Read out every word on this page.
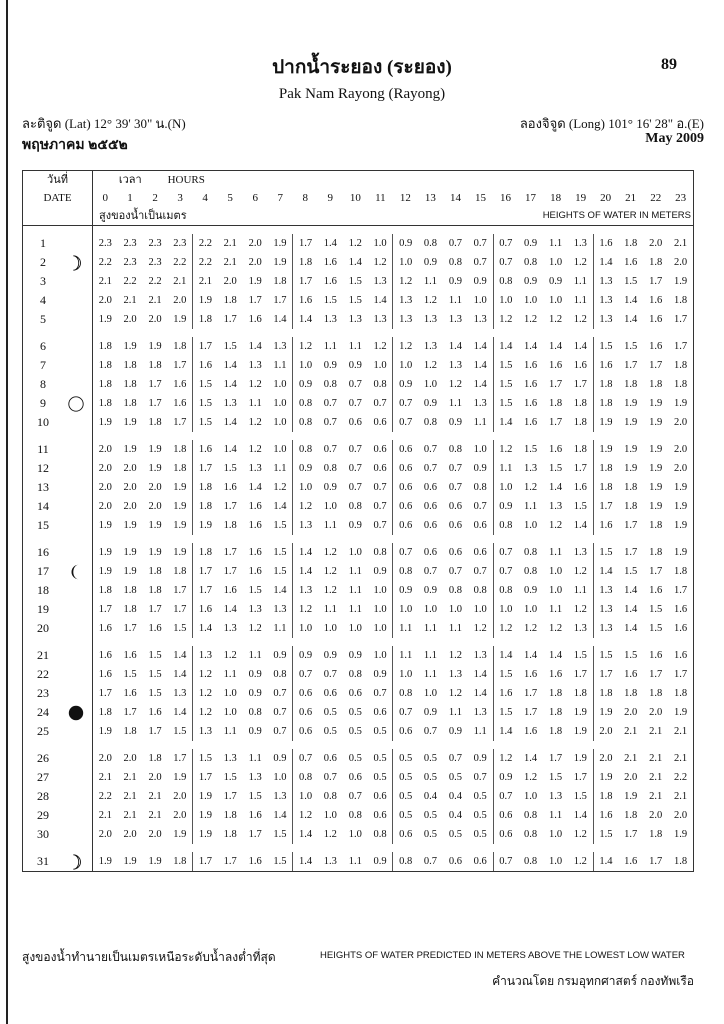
ปากน้ำระยอง (ระยอง)	89
Pak Nam Rayong (Rayong)
ละติจูด (Lat) 12° 39' 30" น.(N)	ลองจิจูด (Long) 101° 16' 28" อ.(E)
พฤษภาคม ๒๕๕๒	May 2009
วันที่	เวลา			HOURS																				
DATE	0	1	2	3	4	5	6	7	8	9	10	11	12	13	14	15	16	17	18	19	20	21	22	23
	สูงของน้ำเป็นเมตร										HEIGHTS OF WATER IN METERS													

1	2.3	2.3	2.3	2.3	2.2	2.1	2.0	1.9	1.7	1.4	1.2	1.0	0.9	0.8	0.7	0.7	0.7	0.9	1.1	1.3	1.6	1.8	2.0	2.1
2	2.2	2.3	2.3	2.2	2.2	2.1	2.0	1.9	1.8	1.6	1.4	1.2	1.0	0.9	0.8	0.7	0.7	0.8	1.0	1.2	1.4	1.6	1.8	2.0
3	2.1	2.2	2.2	2.1	2.1	2.0	1.9	1.8	1.7	1.6	1.5	1.3	1.2	1.1	0.9	0.9	0.8	0.9	0.9	1.1	1.3	1.5	1.7	1.9
4	2.0	2.1	2.1	2.0	1.9	1.8	1.7	1.7	1.6	1.5	1.5	1.4	1.3	1.2	1.1	1.0	1.0	1.0	1.0	1.1	1.3	1.4	1.6	1.8
5	1.9	2.0	2.0	1.9	1.8	1.7	1.6	1.4	1.4	1.3	1.3	1.3	1.3	1.3	1.3	1.3	1.2	1.2	1.2	1.2	1.3	1.4	1.6	1.7

6	1.8	1.9	1.9	1.8	1.7	1.5	1.4	1.3	1.2	1.1	1.1	1.2	1.2	1.3	1.4	1.4	1.4	1.4	1.4	1.4	1.5	1.5	1.6	1.7
7	1.8	1.8	1.8	1.7	1.6	1.4	1.3	1.1	1.0	0.9	0.9	1.0	1.0	1.2	1.3	1.4	1.5	1.6	1.6	1.6	1.6	1.7	1.7	1.8
8	1.8	1.8	1.7	1.6	1.5	1.4	1.2	1.0	0.9	0.8	0.7	0.8	0.9	1.0	1.2	1.4	1.5	1.6	1.7	1.7	1.8	1.8	1.8	1.8
9	1.8	1.8	1.7	1.6	1.5	1.3	1.1	1.0	0.8	0.7	0.7	0.7	0.7	0.9	1.1	1.3	1.5	1.6	1.8	1.8	1.8	1.9	1.9	1.9
10	1.9	1.9	1.8	1.7	1.5	1.4	1.2	1.0	0.8	0.7	0.6	0.6	0.7	0.8	0.9	1.1	1.4	1.6	1.7	1.8	1.9	1.9	1.9	2.0

11	2.0	1.9	1.9	1.8	1.6	1.4	1.2	1.0	0.8	0.7	0.7	0.6	0.6	0.7	0.8	1.0	1.2	1.5	1.6	1.8	1.9	1.9	1.9	2.0
12	2.0	2.0	1.9	1.8	1.7	1.5	1.3	1.1	0.9	0.8	0.7	0.6	0.6	0.7	0.7	0.9	1.1	1.3	1.5	1.7	1.8	1.9	1.9	2.0
13	2.0	2.0	2.0	1.9	1.8	1.6	1.4	1.2	1.0	0.9	0.7	0.7	0.6	0.6	0.7	0.8	1.0	1.2	1.4	1.6	1.8	1.8	1.9	1.9
14	2.0	2.0	2.0	1.9	1.8	1.7	1.6	1.4	1.2	1.0	0.8	0.7	0.6	0.6	0.6	0.7	0.9	1.1	1.3	1.5	1.7	1.8	1.9	1.9
15	1.9	1.9	1.9	1.9	1.9	1.8	1.6	1.5	1.3	1.1	0.9	0.7	0.6	0.6	0.6	0.6	0.8	1.0	1.2	1.4	1.6	1.7	1.8	1.9

16	1.9	1.9	1.9	1.9	1.8	1.7	1.6	1.5	1.4	1.2	1.0	0.8	0.7	0.6	0.6	0.6	0.7	0.8	1.1	1.3	1.5	1.7	1.8	1.9
17	1.9	1.9	1.8	1.8	1.7	1.7	1.6	1.5	1.4	1.2	1.1	0.9	0.8	0.7	0.7	0.7	0.7	0.8	1.0	1.2	1.4	1.5	1.7	1.8
18	1.8	1.8	1.8	1.7	1.7	1.6	1.5	1.4	1.3	1.2	1.1	1.0	0.9	0.9	0.8	0.8	0.8	0.9	1.0	1.1	1.3	1.4	1.6	1.7
19	1.7	1.8	1.7	1.7	1.6	1.4	1.3	1.3	1.2	1.1	1.1	1.0	1.0	1.0	1.0	1.0	1.0	1.0	1.1	1.2	1.3	1.4	1.5	1.6
20	1.6	1.7	1.6	1.5	1.4	1.3	1.2	1.1	1.0	1.0	1.0	1.0	1.1	1.1	1.1	1.2	1.2	1.2	1.2	1.3	1.3	1.4	1.5	1.6

21	1.6	1.6	1.5	1.4	1.3	1.2	1.1	0.9	0.9	0.9	0.9	1.0	1.1	1.1	1.2	1.3	1.4	1.4	1.4	1.5	1.5	1.5	1.6	1.6
22	1.6	1.5	1.5	1.4	1.2	1.1	0.9	0.8	0.7	0.7	0.8	0.9	1.0	1.1	1.3	1.4	1.5	1.6	1.6	1.7	1.7	1.6	1.7	1.7
23	1.7	1.6	1.5	1.3	1.2	1.0	0.9	0.7	0.6	0.6	0.6	0.7	0.8	1.0	1.2	1.4	1.6	1.7	1.8	1.8	1.8	1.8	1.8	1.8
24	1.8	1.7	1.6	1.4	1.2	1.0	0.8	0.7	0.6	0.5	0.5	0.6	0.7	0.9	1.1	1.3	1.5	1.7	1.8	1.9	1.9	2.0	2.0	1.9
25	1.9	1.8	1.7	1.5	1.3	1.1	0.9	0.7	0.6	0.5	0.5	0.5	0.6	0.7	0.9	1.1	1.4	1.6	1.8	1.9	2.0	2.1	2.1	2.1

26	2.0	2.0	1.8	1.7	1.5	1.3	1.1	0.9	0.7	0.6	0.5	0.5	0.5	0.5	0.7	0.9	1.2	1.4	1.7	1.9	2.0	2.1	2.1	2.1
27	2.1	2.1	2.0	1.9	1.7	1.5	1.3	1.0	0.8	0.7	0.6	0.5	0.5	0.5	0.5	0.7	0.9	1.2	1.5	1.7	1.9	2.0	2.1	2.2
28	2.2	2.1	2.1	2.0	1.9	1.7	1.5	1.3	1.0	0.8	0.7	0.6	0.5	0.4	0.4	0.5	0.7	1.0	1.3	1.5	1.8	1.9	2.1	2.1
29	2.1	2.1	2.1	2.0	1.9	1.8	1.6	1.4	1.2	1.0	0.8	0.6	0.5	0.5	0.4	0.5	0.6	0.8	1.1	1.4	1.6	1.8	2.0	2.0
30	2.0	2.0	2.0	1.9	1.9	1.8	1.7	1.5	1.4	1.2	1.0	0.8	0.6	0.5	0.5	0.5	0.6	0.8	1.0	1.2	1.5	1.7	1.8	1.9

31	1.9	1.9	1.9	1.8	1.7	1.7	1.6	1.5	1.4	1.3	1.1	0.9	0.8	0.7	0.6	0.6	0.7	0.8	1.0	1.2	1.4	1.6	1.7	1.8
สูงของน้ำทำนายเป็นเมตรเหนือระดับน้ำลงต่ำที่สุด	HEIGHTS OF WATER PREDICTED IN METERS ABOVE THE LOWEST LOW WATER
คำนวณโดย กรมอุทกศาสตร์ กองทัพเรือ
